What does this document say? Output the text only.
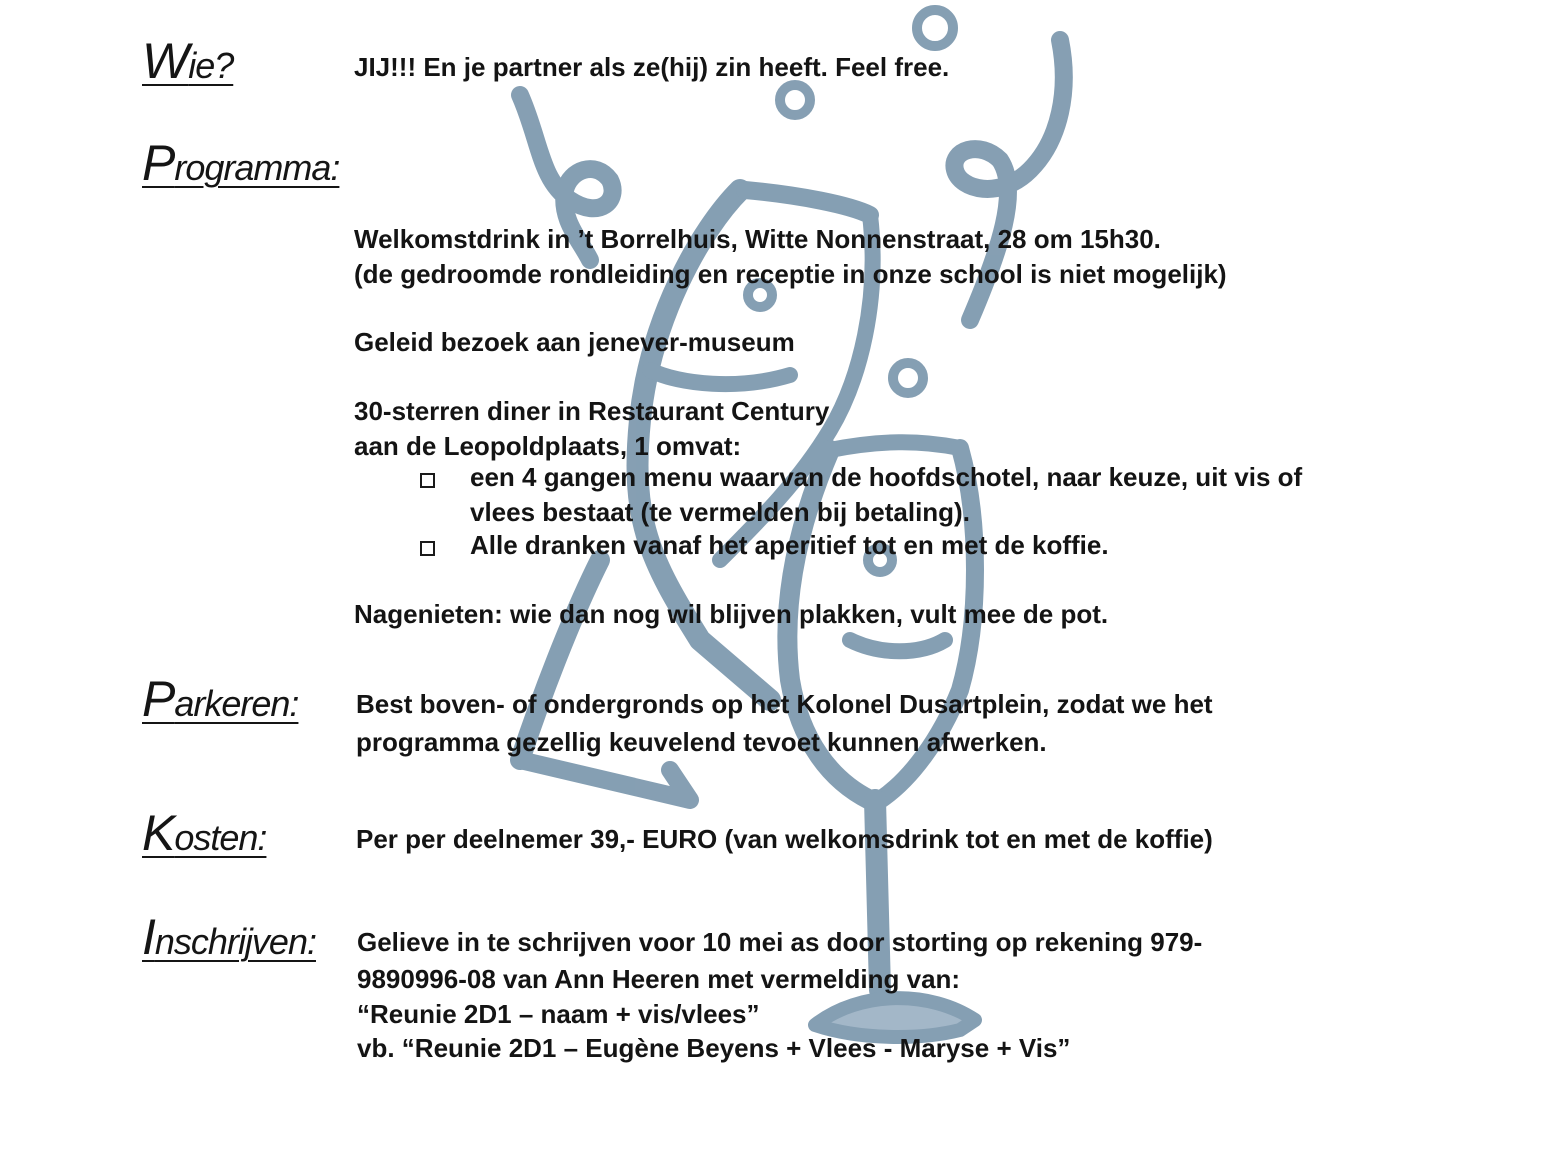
Wie?	JIJ!!! En je partner als ze(hij) zin heeft. Feel free.
Programma:
Welkomstdrink in ’t Borrelhuis, Witte Nonnenstraat, 28 om 15h30.
(de gedroomde rondleiding en receptie in onze school is niet mogelijk)
Geleid bezoek aan jenever-museum
30-sterren diner in Restaurant Century
aan de Leopoldplaats, 1 omvat:
een 4 gangen menu waarvan de hoofdschotel, naar keuze, uit vis of
vlees bestaat (te vermelden bij betaling).
Alle dranken vanaf het aperitief tot en met de koffie.
Nagenieten: wie dan nog wil blijven plakken, vult mee de pot.
Parkeren: Best boven- of ondergronds op het Kolonel Dusartplein, zodat we het
programma gezellig keuvelend tevoet kunnen afwerken.
Kosten:	Per per deelnemer 39,- EURO (van welkomsdrink tot en met de koffie)
Inschrijven: Gelieve in te schrijven voor 10 mei as door storting op rekening 979-
9890996-08 van Ann Heeren met vermelding van:
“Reunie 2D1 – naam + vis/vlees”
vb. “Reunie 2D1 – Eugène Beyens + Vlees - Maryse + Vis”
